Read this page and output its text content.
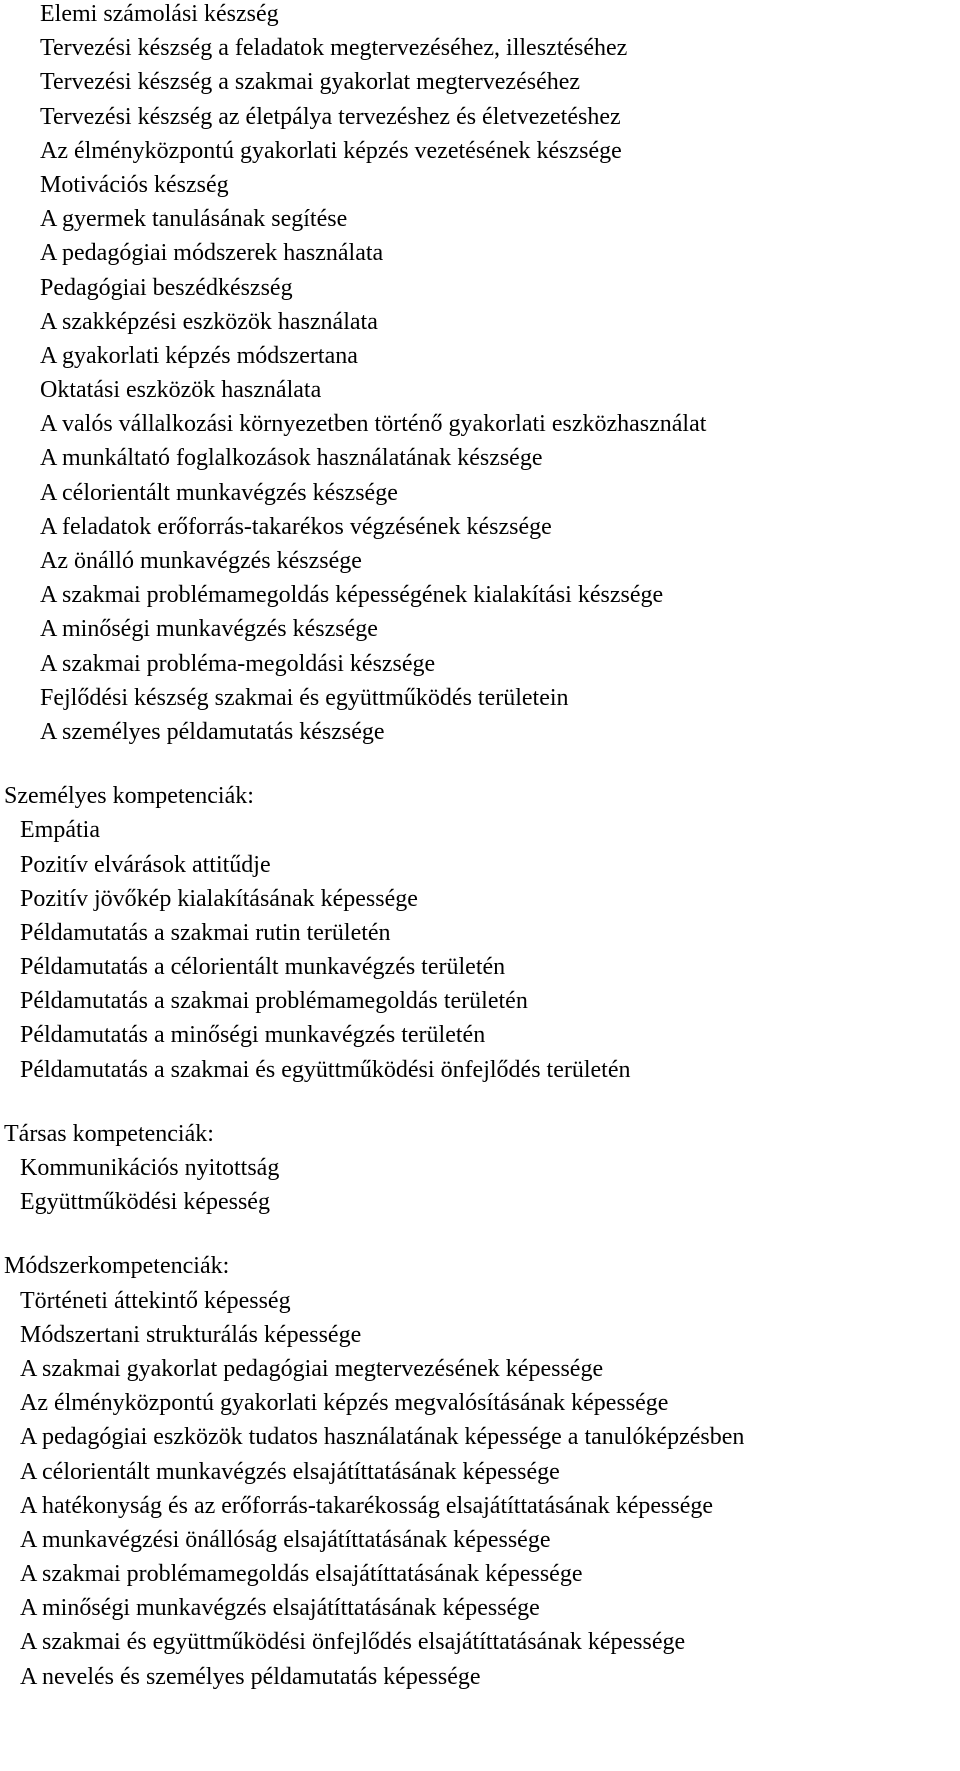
Elemi számolási készség
Tervezési készség a feladatok megtervezéséhez, illesztéséhez
Tervezési készség a szakmai gyakorlat megtervezéséhez
Tervezési készség az életpálya tervezéshez és életvezetéshez
Az élményközpontú gyakorlati képzés vezetésének készsége
Motivációs készség
A gyermek tanulásának segítése
A pedagógiai módszerek használata
Pedagógiai beszédkészség
A szakképzési eszközök használata
A gyakorlati képzés módszertana
Oktatási eszközök használata
A valós vállalkozási környezetben történő gyakorlati eszközhasználat
A munkáltató foglalkozások használatának készsége
A célorientált munkavégzés készsége
A feladatok erőforrás-takarékos végzésének készsége
Az önálló munkavégzés készsége
A szakmai problémamegoldás képességének kialakítási készsége
A minőségi munkavégzés készsége
A szakmai probléma-megoldási készsége
Fejlődési készség szakmai és együttműködés területein
A személyes példamutatás készsége
Személyes kompetenciák:
Empátia
Pozitív elvárások attitűdje
Pozitív jövőkép kialakításának képessége
Példamutatás a szakmai rutin területén
Példamutatás a célorientált munkavégzés területén
Példamutatás a szakmai problémamegoldás területén
Példamutatás a minőségi munkavégzés területén
Példamutatás a szakmai és együttműködési önfejlődés területén
Társas kompetenciák:
Kommunikációs nyitottság
Együttműködési képesség
Módszerkompetenciák:
Történeti áttekintő képesség
Módszertani strukturálás képessége
A szakmai gyakorlat pedagógiai megtervezésének képessége
Az élményközpontú gyakorlati képzés megvalósításának képessége
A pedagógiai eszközök tudatos használatának képessége a tanulóképzésben
A célorientált munkavégzés elsajátíttatásának képessége
A hatékonyság és az erőforrás-takarékosság elsajátíttatásának képessége
A munkavégzési önállóság elsajátíttatásának képessége
A szakmai problémamegoldás elsajátíttatásának képessége
A minőségi munkavégzés elsajátíttatásának képessége
A szakmai és együttműködési önfejlődés elsajátíttatásának képessége
A nevelés és személyes példamutatás képessége
